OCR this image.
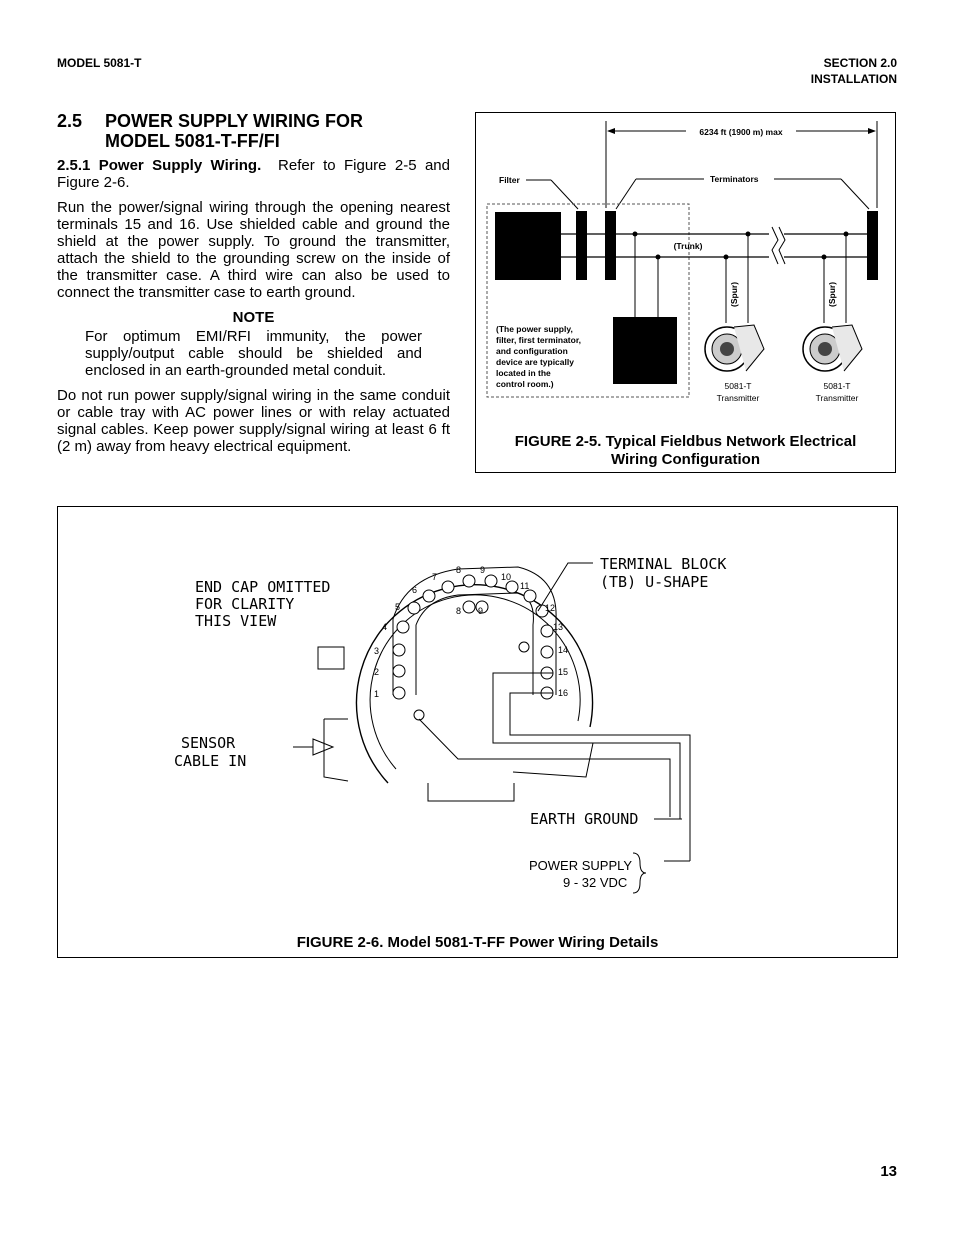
MODEL 5081-T	SECTION 2.0
INSTALLATION
2.5 POWER SUPPLY WIRING FOR
MODEL 5081-T-FF/FI

2.5.1 Power Supply Wiring. Refer to Figure 2-5 and Figure 2-6.

Run the power/signal wiring through the opening nearest terminals 15 and 16. Use shielded cable and ground the shield at the power supply. To ground the transmitter, attach the shield to the grounding screw on the inside of the transmitter case. A third wire can also be used to connect the transmitter case to earth ground.

NOTE

For optimum EMI/RFI immunity, the power supply/output cable should be shielded and enclosed in an earth-grounded metal conduit.

Do not run power supply/signal wiring in the same conduit or cable tray with AC power lines or with relay actuated signal cables. Keep power supply/signal wiring at least 6 ft (2 m) away from heavy electrical equipment.

6234 ft (1900 m) max
Filter	Terminators
(Trunk)
(Spur)	(Spur)
5081-T
Transmitter
5081-T
Transmitter
(The power supply,
filter, first terminator,
and configuration
device are typically
located in the
control room.)
FIGURE 2-5. Typical Fieldbus Network Electrical
Wiring Configuration
1
2
3
4
5
6
7
8 9
10
11
12
13
14
15
16
8 9
END CAP OMITTED
FOR CLARITY
THIS VIEW
TERMINAL BLOCK
(TB) U-SHAPE
SENSOR
CABLE IN
EARTH GROUND
POWER SUPPLY
9 - 32 VDC
FIGURE 2-6. Model 5081-T-FF Power Wiring Details
13
